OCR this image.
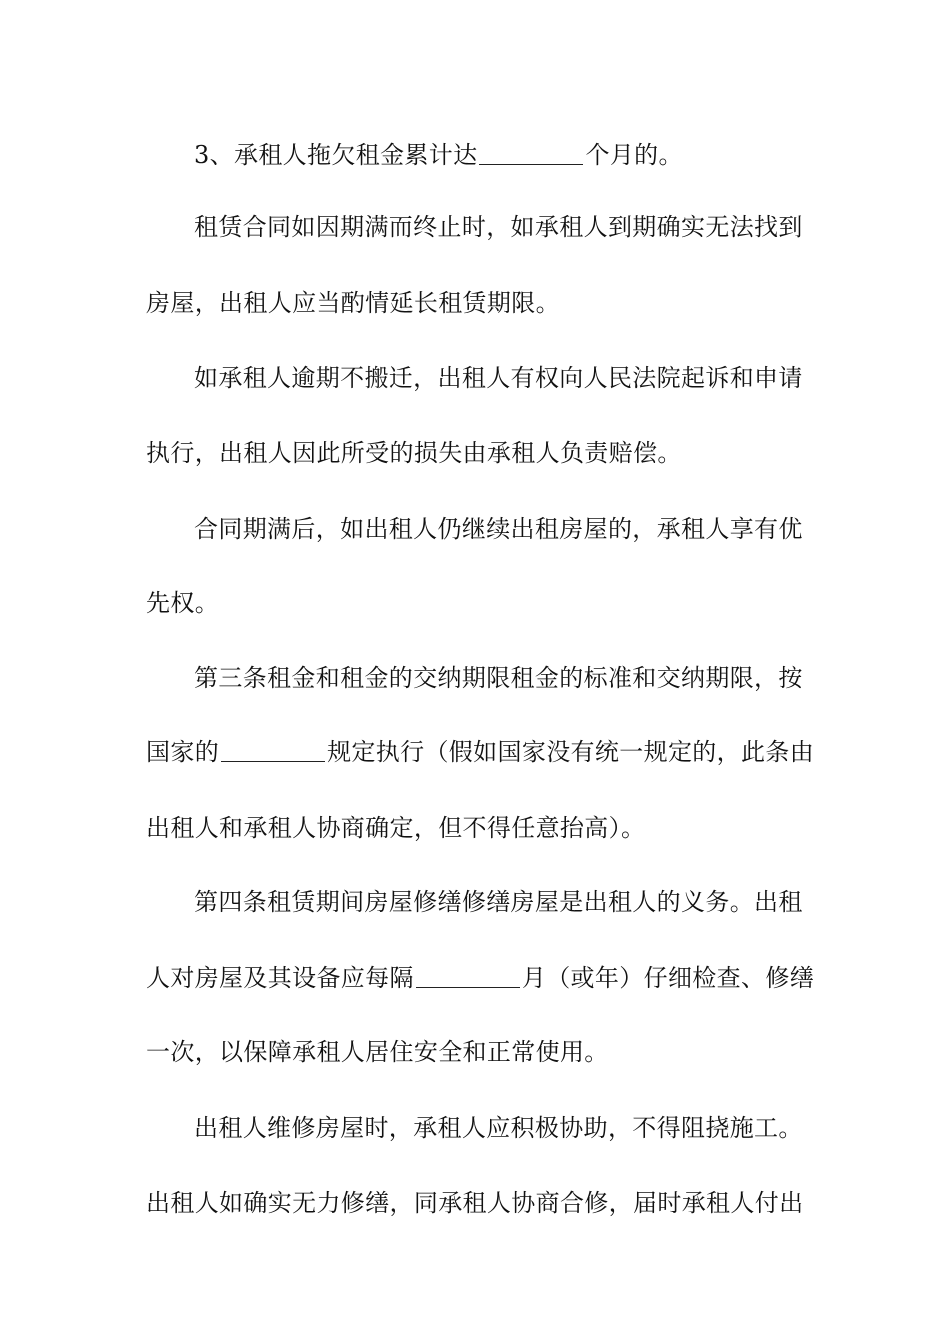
3、承租人拖欠租金累计达	个月的。
租赁合同如因期满而终止时，如承租人到期确实无法找到
房屋，出租人应当酌情延长租赁期限。
如承租人逾期不搬迁，出租人有权向人民法院起诉和申请
执行，出租人因此所受的损失由承租人负责赔偿。
合同期满后，如出租人仍继续出租房屋的，承租人享有优
先权。
第三条租金和租金的交纳期限租金的标准和交纳期限，按
国家的	规定执行（假如国家没有统一规定的，此条由
出租人和承租人协商确定，但不得任意抬高）。
第四条租赁期间房屋修缮修缮房屋是出租人的义务。出租
人对房屋及其设备应每隔	月（或年）仔细检查、修缮
一次，以保障承租人居住安全和正常使用。
出租人维修房屋时，承租人应积极协助，不得阻挠施工。
出租人如确实无力修缮，同承租人协商合修，届时承租人付出
